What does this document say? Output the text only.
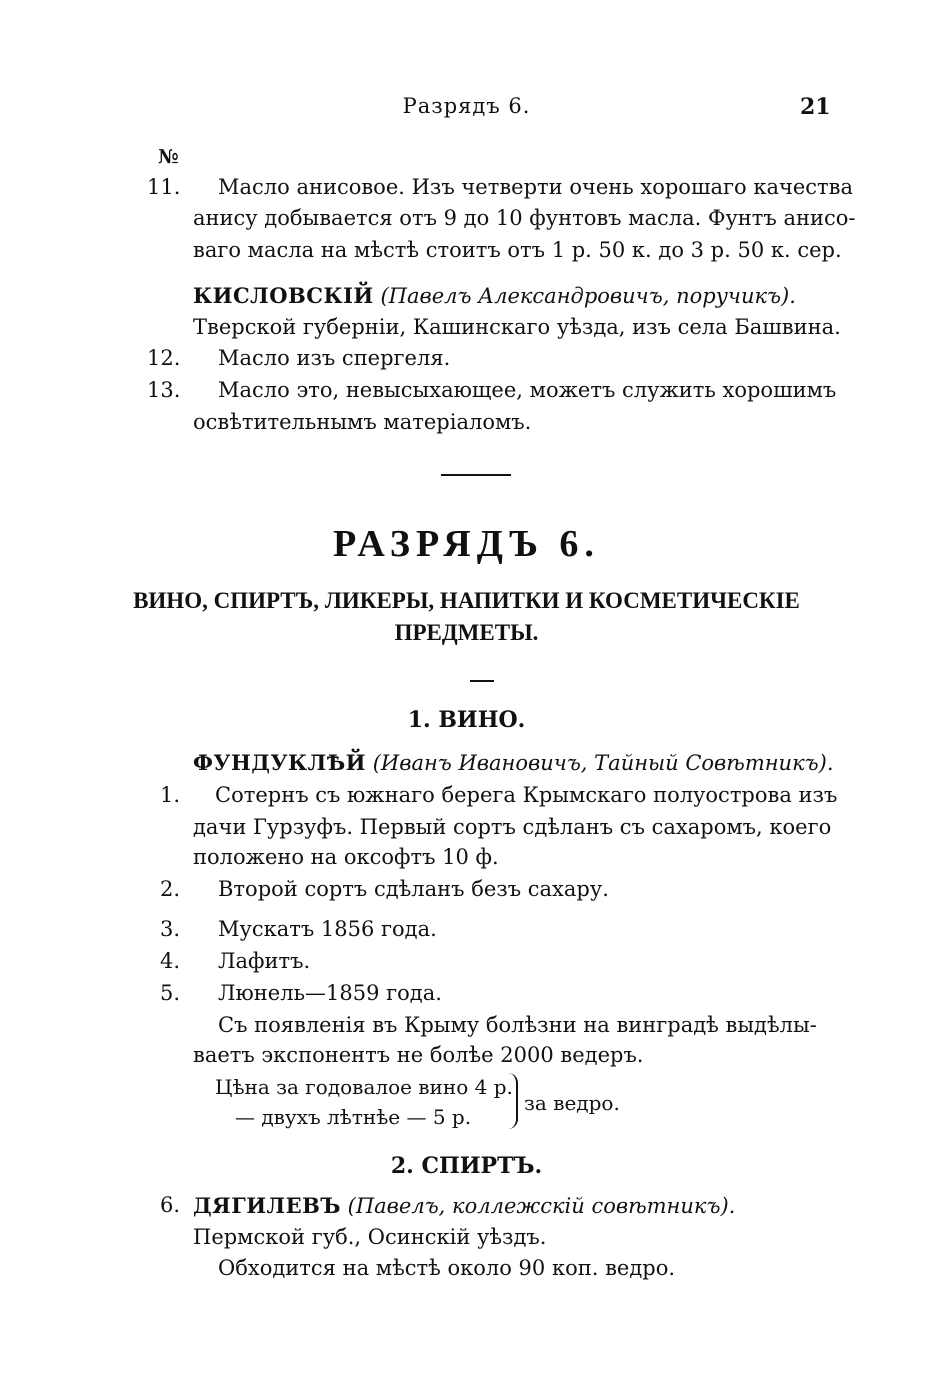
Разрядъ 6.	21
№
11. Масло анисовое. Изъ четверти очень хорошаго качества
анису добывается отъ 9 до 10 фунтовъ масла. Фунтъ анисо-
ваго масла на мѣстѣ стоитъ отъ 1 р. 50 к. до 3 р. 50 к. сер.
КИСЛОВСКІЙ (Павелъ Александровичъ, поручикъ).
Тверской губерніи, Кашинскаго уѣзда, изъ села Башвина.
12. Масло изъ спергеля.
13. Масло это, невысыхающее, можетъ служить хорошимъ
освѣтительнымъ матеріаломъ.
РАЗРЯДЪ 6.
ВИНО, СПИРТЪ, ЛИКЕРЫ, НАПИТКИ И КОСМЕТИЧЕСКІЕ
ПРЕДМЕТЫ.
1. ВИНО.
ФУНДУКЛѢЙ (Иванъ Ивановичъ, Тайный Совѣтникъ).
1. Сотернъ съ южнаго берега Крымскаго полуострова изъ
дачи Гурзуфъ. Первый сортъ сдѣланъ съ сахаромъ, коего
положено на оксофтъ 10 ф.
2. Второй сортъ сдѣланъ безъ сахару.
3. Мускатъ 1856 года.
4. Лафитъ.
5. Люнель—1859 года.
Съ появленія въ Крыму болѣзни на винградѣ выдѣлы-
ваетъ экспонентъ не болѣе 2000 ведеръ.
Цѣна за годовалое вино 4 р.
— двухъ лѣтнѣе — 5 р.
за ведро.
2. СПИРТЪ.
6. ДЯГИЛЕВЪ (Павелъ, коллежскій совѣтникъ).
Пермской губ., Осинскій уѣздъ.
Обходится на мѣстѣ около 90 коп. ведро.
